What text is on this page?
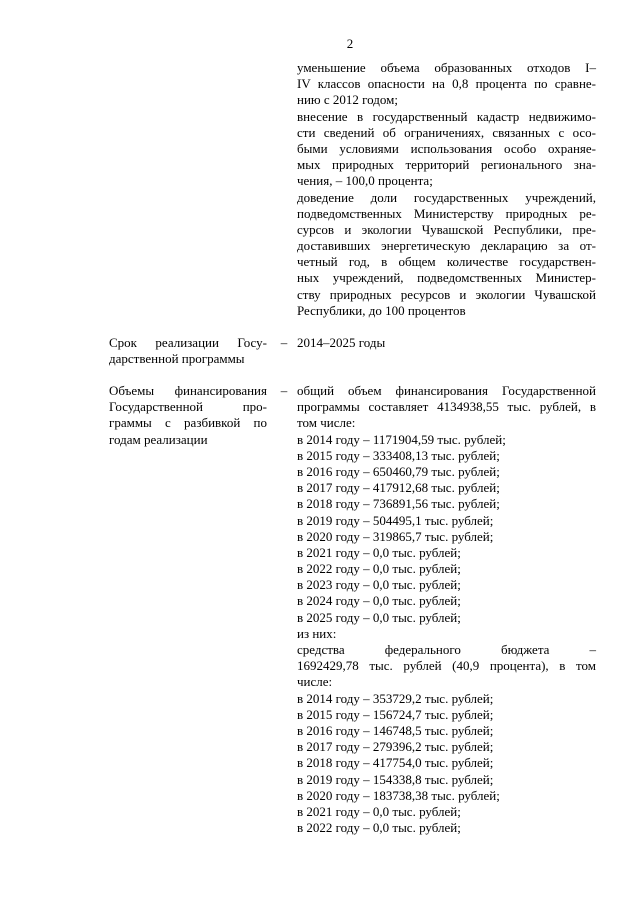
2
уменьшение объема образованных отходов I–
IV классов опасности на 0,8 процента по сравне-
нию с 2012 годом;
внесение в государственный кадастр недвижимо-
сти сведений об ограничениях, связанных с осо-
быми условиями использования особо охраняе-
мых природных территорий регионального зна-
чения, – 100,0 процента;
доведение доли государственных учреждений,
подведомственных Министерству природных ре-
сурсов и экологии Чувашской Республики, пре-
доставивших энергетическую декларацию за от-
четный год, в общем количестве государствен-
ных учреждений, подведомственных Министер-
ству природных ресурсов и экологии Чувашской
Республики, до 100 процентов
Срок реализации Госу-
дарственной программы
– 2014–2025 годы
Объемы финансирования
Государственной про-
граммы с разбивкой по
годам реализации
– общий объем финансирования Государственной
программы составляет 4134938,55 тыс. рублей, в
том числе:
в 2014 году – 1171904,59 тыс. рублей;
в 2015 году – 333408,13 тыс. рублей;
в 2016 году – 650460,79 тыс. рублей;
в 2017 году – 417912,68 тыс. рублей;
в 2018 году – 736891,56 тыс. рублей;
в 2019 году – 504495,1 тыс. рублей;
в 2020 году – 319865,7 тыс. рублей;
в 2021 году – 0,0 тыс. рублей;
в 2022 году – 0,0 тыс. рублей;
в 2023 году – 0,0 тыс. рублей;
в 2024 году – 0,0 тыс. рублей;
в 2025 году – 0,0 тыс. рублей;
из них:
средства федерального бюджета –
1692429,78 тыс. рублей (40,9 процента), в том
числе:
в 2014 году – 353729,2 тыс. рублей;
в 2015 году – 156724,7 тыс. рублей;
в 2016 году – 146748,5 тыс. рублей;
в 2017 году – 279396,2 тыс. рублей;
в 2018 году – 417754,0 тыс. рублей;
в 2019 году – 154338,8 тыс. рублей;
в 2020 году – 183738,38 тыс. рублей;
в 2021 году – 0,0 тыс. рублей;
в 2022 году – 0,0 тыс. рублей;
